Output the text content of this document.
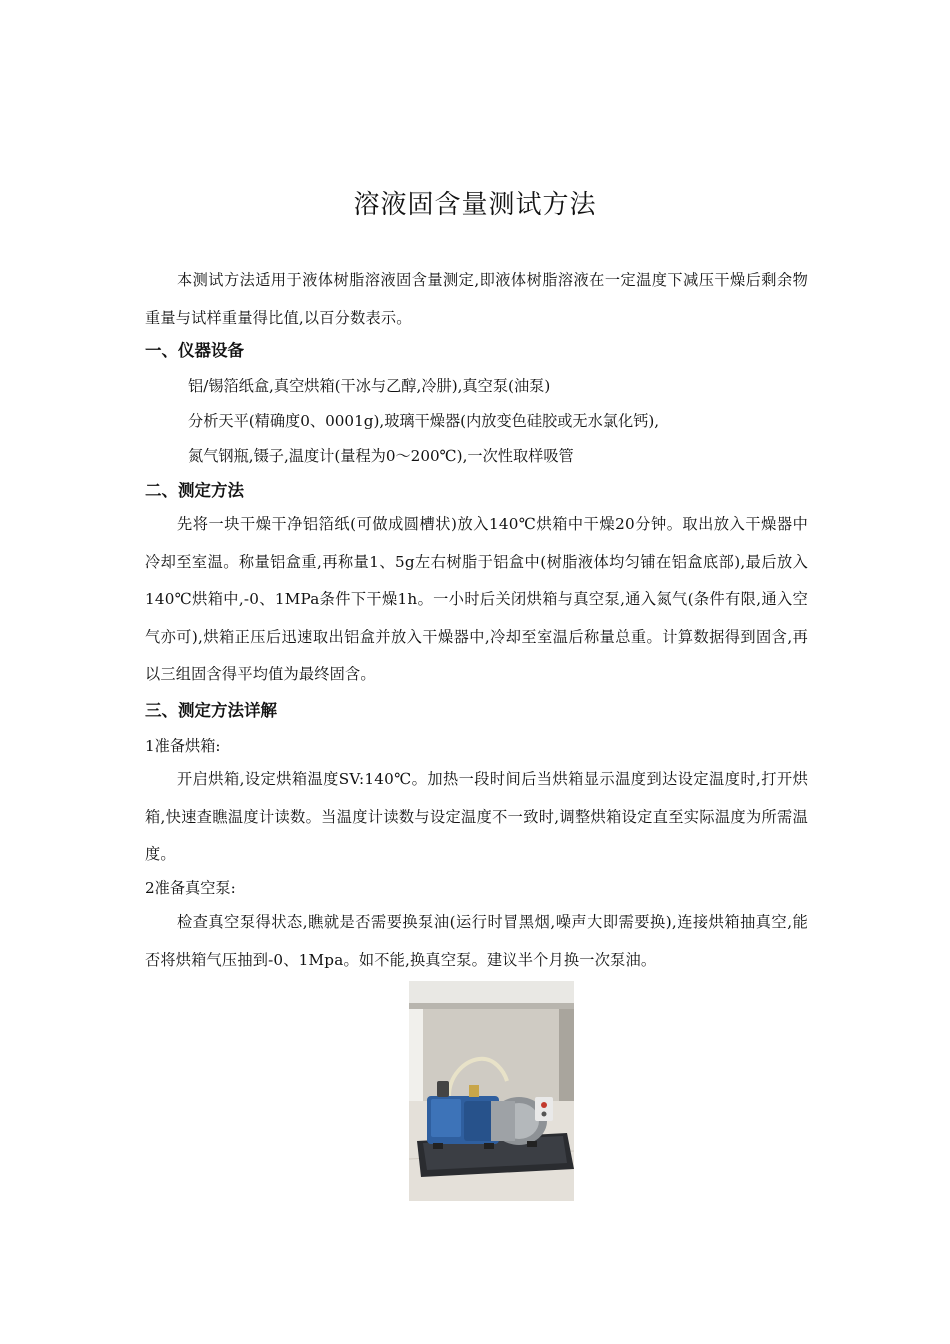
溶液固含量测试方法
本测试方法适用于液体树脂溶液固含量测定,即液体树脂溶液在一定温度下减压干燥后剩余物重量与试样重量得比值,以百分数表示。
一、仪器设备
铝/锡箔纸盒,真空烘箱(干冰与乙醇,冷肼),真空泵(油泵)
分析天平(精确度0、0001g),玻璃干燥器(内放变色硅胶或无水氯化钙),
氮气钢瓶,镊子,温度计(量程为0～200℃),一次性取样吸管
二、测定方法
先将一块干燥干净铝箔纸(可做成圆槽状)放入140℃烘箱中干燥20分钟。取出放入干燥器中冷却至室温。称量铝盒重,再称量1、5g左右树脂于铝盒中(树脂液体均匀铺在铝盒底部),最后放入140℃烘箱中,-0、1MPa条件下干燥1h。一小时后关闭烘箱与真空泵,通入氮气(条件有限,通入空气亦可),烘箱正压后迅速取出铝盒并放入干燥器中,冷却至室温后称量总重。计算数据得到固含,再以三组固含得平均值为最终固含。
三、测定方法详解
1准备烘箱:
开启烘箱,设定烘箱温度SV:140℃。加热一段时间后当烘箱显示温度到达设定温度时,打开烘箱,快速查瞧温度计读数。当温度计读数与设定温度不一致时,调整烘箱设定直至实际温度为所需温度。
2准备真空泵:
检查真空泵得状态,瞧就是否需要换泵油(运行时冒黑烟,噪声大即需要换),连接烘箱抽真空,能否将烘箱气压抽到-0、1Mpa。如不能,换真空泵。建议半个月换一次泵油。
